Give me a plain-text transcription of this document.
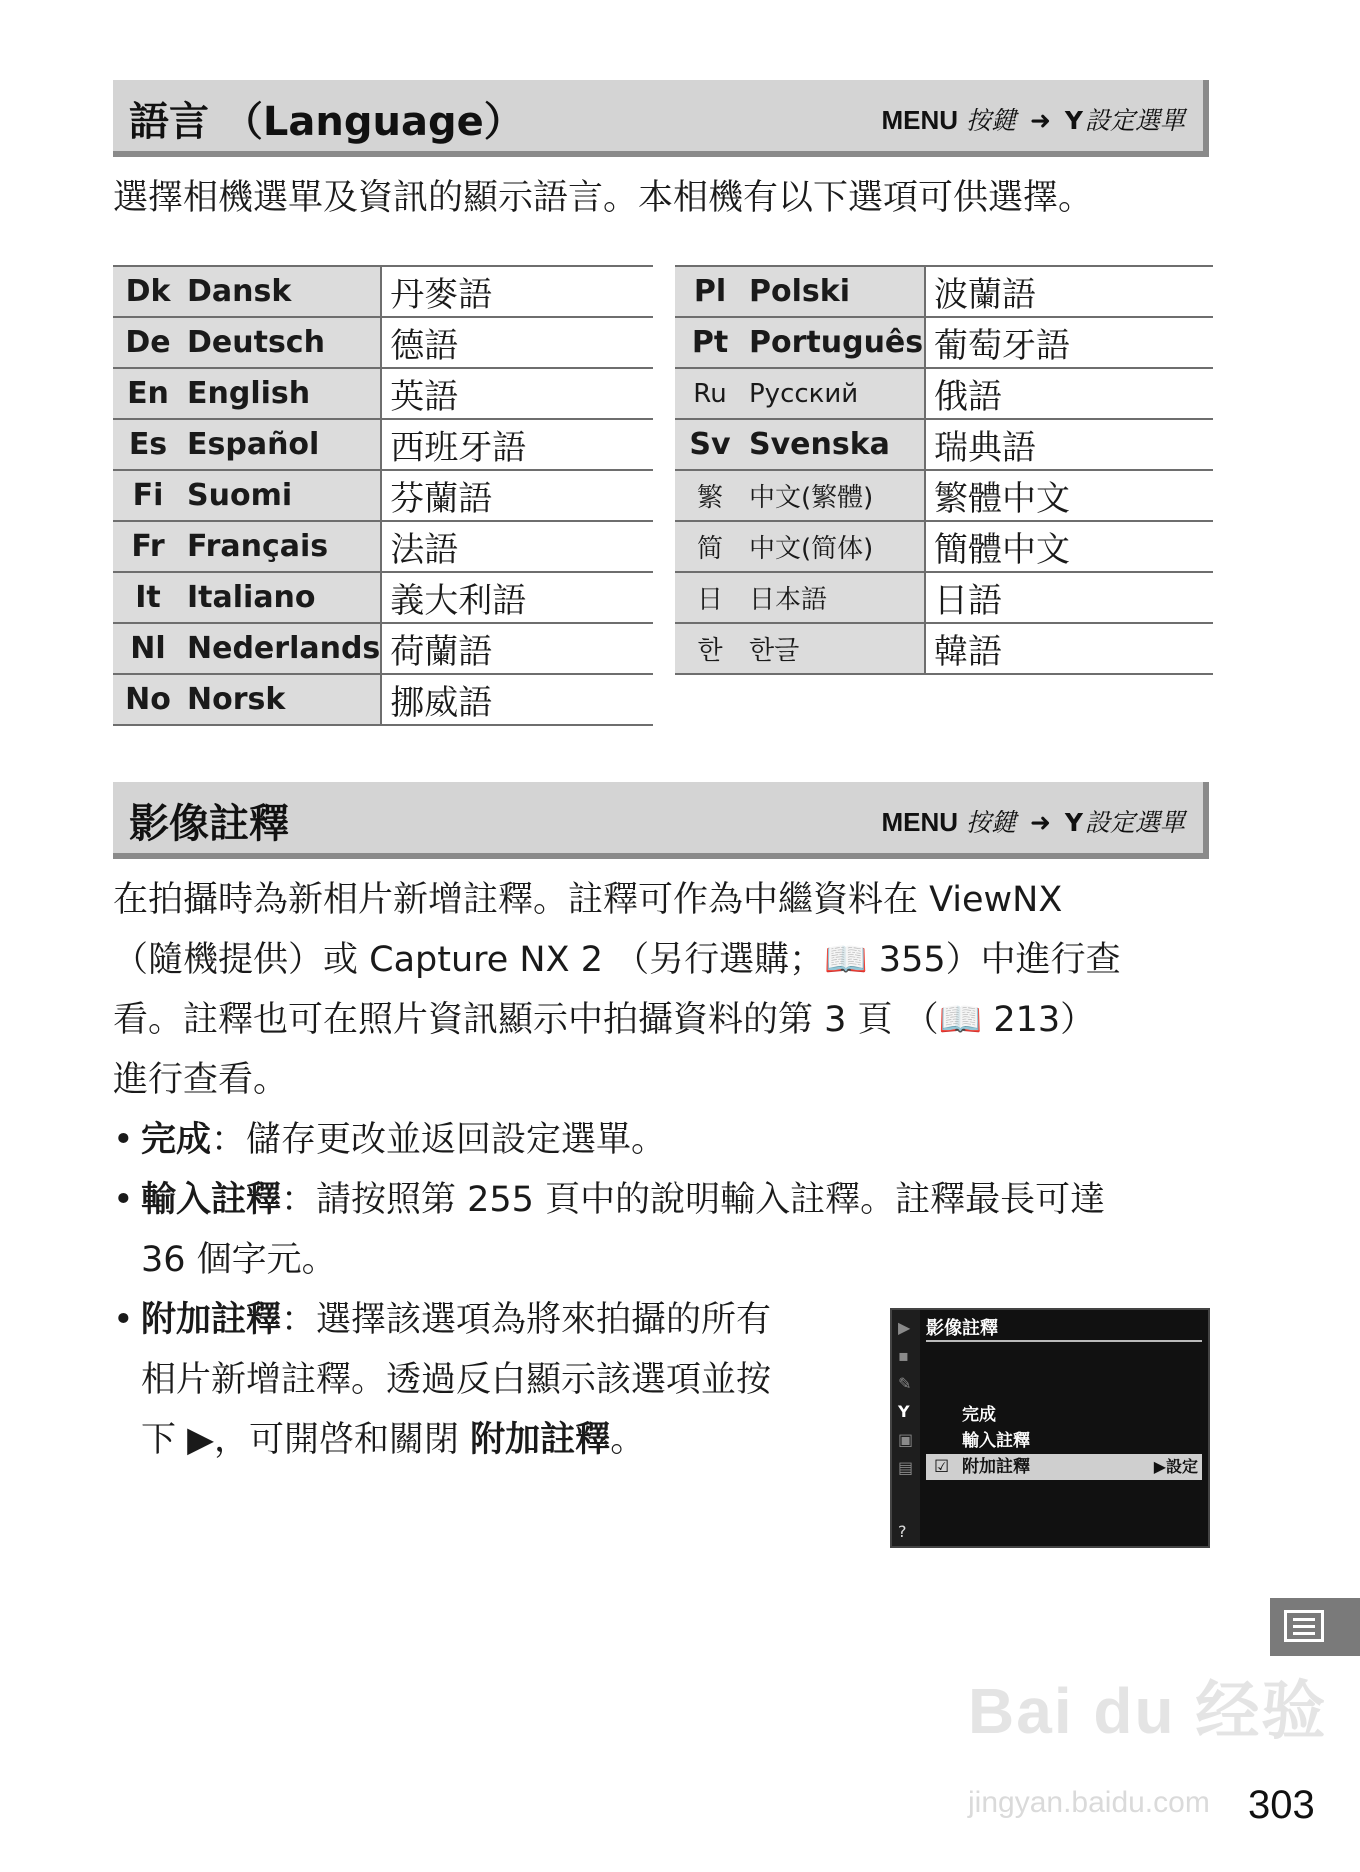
語言 （Language）	MENU 按鍵 ➜ Y設定選單
選擇相機選單及資訊的顯示語言。本相機有以下選項可供選擇。
Dk	Dansk	丹麥語
De	Deutsch	德語
En	English	英語
Es	Español	西班牙語
Fi	Suomi	芬蘭語
Fr	Français	法語
It	Italiano	義大利語
Nl	Nederlands	荷蘭語
No	Norsk	挪威語
Pl	Polski	波蘭語
Pt	Português	葡萄牙語
Ru	Русский	俄語
Sv	Svenska	瑞典語
繁	中文(繁體)	繁體中文
简	中文(简体)	簡體中文
日	日本語	日語
한	한글	韓語
影像註釋	MENU 按鍵 ➜ Y設定選單
在拍攝時為新相片新增註釋。註釋可作為中繼資料在 ViewNX
（隨機提供）或 Capture NX 2 （另行選購；📖 355）中進行查
看。註釋也可在照片資訊顯示中拍攝資料的第 3 頁 （📖 213）
進行查看。
• 完成：儲存更改並返回設定選單。
• 輸入註釋：請按照第 255 頁中的說明輸入註釋。註釋最長可達
36 個字元。
• 附加註釋：選擇該選項為將來拍攝的所有
相片新增註釋。透過反白顯示該選項並按
下 ▶，可開啓和關閉 附加註釋。
▶
▪
✎
Y
▣
▤
?
影像註釋
完成
輸入註釋
☑ 附加註釋	▶設定
Bai du 经验
jingyan.baidu.com 303
